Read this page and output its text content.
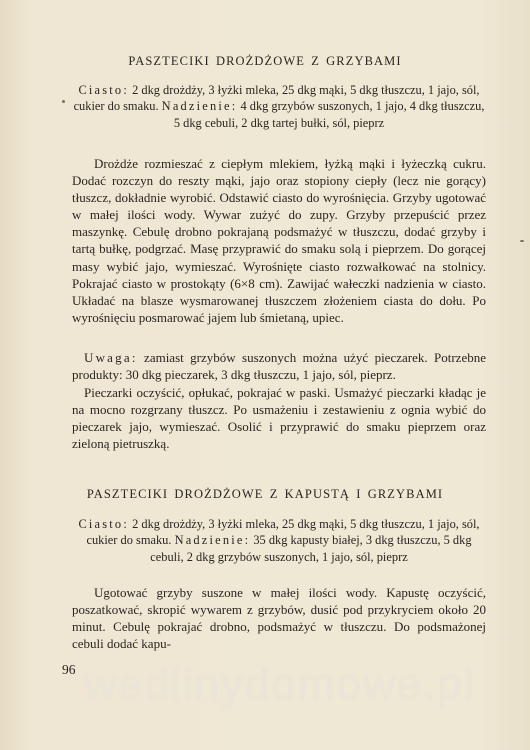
PASZTECIKI DROŻDŻOWE Z GRZYBAMI
Ciasto: 2 dkg drożdży, 3 łyżki mleka, 25 dkg mąki, 5 dkg tłuszczu, 1 jajo, sól, cukier do smaku. Nadzienie: 4 dkg grzybów suszonych, 1 jajo, 4 dkg tłuszczu, 5 dkg cebuli, 2 dkg tartej bułki, sól, pieprz

Drożdże rozmieszać z ciepłym mlekiem, łyżką mąki i łyżeczką cukru. Dodać rozczyn do reszty mąki, jajo oraz stopiony ciepły (lecz nie gorący) tłuszcz, dokładnie wyrobić. Odstawić ciasto do wyrośnięcia. Grzyby ugotować w małej ilości wody. Wywar zużyć do zupy. Grzyby przepuścić przez maszynkę. Cebulę drobno pokrajaną podsmażyć w tłuszczu, dodać grzyby i tartą bułkę, podgrzać. Masę przyprawić do smaku solą i pieprzem. Do gorącej masy wybić jajo, wymieszać. Wyrośnięte ciasto rozwałkować na stolnicy. Pokrajać ciasto w prostokąty (6×8 cm). Zawijać wałeczki nadzienia w ciasto. Układać na blasze wysmarowanej tłuszczem złożeniem ciasta do dołu. Po wyrośnięciu posmarować jajem lub śmietaną, upiec.

Uwaga: zamiast grzybów suszonych można użyć pieczarek. Potrzebne produkty: 30 dkg pieczarek, 3 dkg tłuszczu, 1 jajo, sól, pieprz.

Pieczarki oczyścić, opłukać, pokrajać w paski. Usmażyć pieczarki kładąc je na mocno rozgrzany tłuszcz. Po usmażeniu i zestawieniu z ognia wybić do pieczarek jajo, wymieszać. Osolić i przyprawić do smaku pieprzem oraz zieloną pietruszką.

PASZTECIKI DROŻDŻOWE Z KAPUSTĄ I GRZYBAMI
Ciasto: 2 dkg drożdży, 3 łyżki mleka, 25 dkg mąki, 5 dkg tłuszczu, 1 jajo, sól, cukier do smaku. Nadzienie: 35 dkg kapusty białej, 3 dkg tłuszczu, 5 dkg cebuli, 2 dkg grzybów suszonych, 1 jajo, sól, pieprz

Ugotować grzyby suszone w małej ilości wody. Kapustę oczyścić, poszatkować, skropić wywarem z grzybów, dusić pod przykryciem około 20 minut. Cebulę pokrajać drobno, podsmażyć w tłuszczu. Do podsmażonej cebuli dodać kapu-

96 wedlinydomowe.pl
